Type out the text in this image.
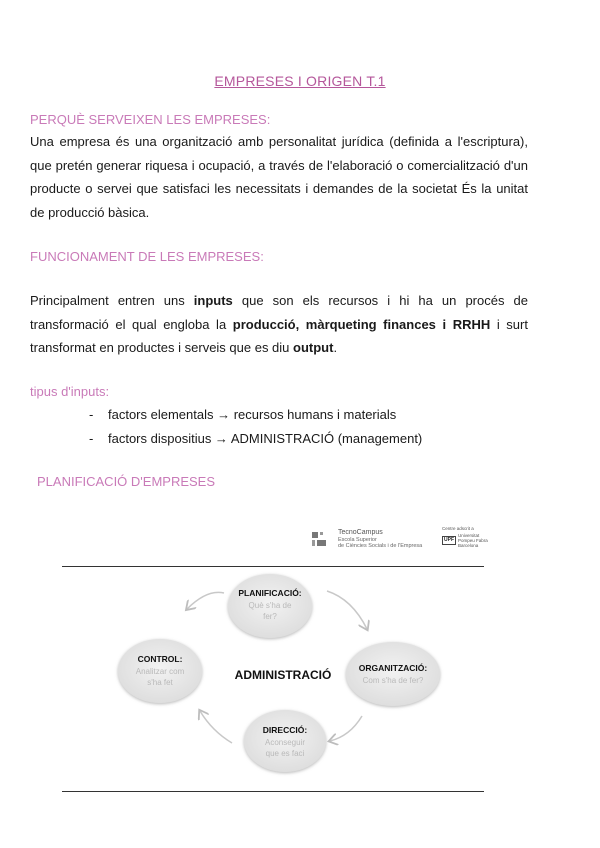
EMPRESES I ORIGEN T.1
PERQUÈ SERVEIXEN LES EMPRESES:
Una empresa és una organització amb personalitat jurídica (definida a l'escriptura), que pretén generar riquesa i ocupació, a través de l'elaboració o comercialització d'un producte o servei que satisfaci les necessitats i demandes de la societat És la unitat de producció bàsica.
FUNCIONAMENT DE LES EMPRESES:
Principalment entren uns inputs que son els recursos i hi ha un procés de transformació el qual engloba la producció, màrqueting finances i RRHH i surt transformat en productes i serveis que es diu output.
tipus d'inputs:
- factors elementals → recursos humans i materials
- factors dispositius → ADMINISTRACIÓ (management)
PLANIFICACIÓ D'EMPRESES
TecnoCampus
Escola Superior
de Ciències Socials i de l'Empresa
Centre adscrit a
UPF
Universitat
Pompeu Fabra
Barcelona
PLANIFICACIÓ:
Què s'ha de
fer?
ORGANITZACIÓ:
Com s'ha de fer?
DIRECCIÓ:
Aconseguir
que es faci
CONTROL:
Analitzar com
s'ha fet
ADMINISTRACIÓ
